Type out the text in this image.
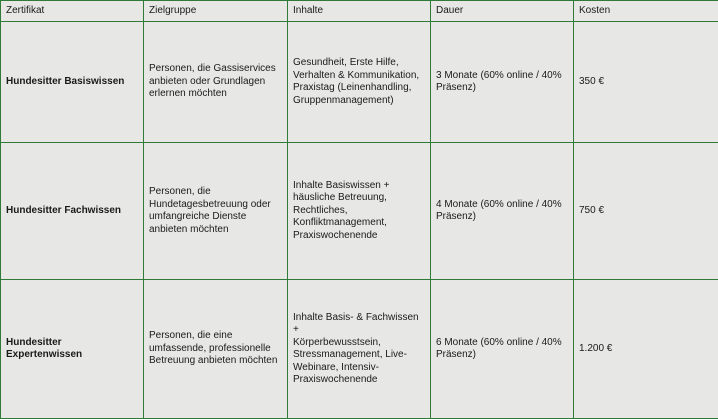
Zertifikat	Zielgruppe	Inhalte	Dauer	Kosten
Hundesitter Basiswissen	Personen, die Gassiservices
anbieten oder Grundlagen
erlernen möchten	Gesundheit, Erste Hilfe,
Verhalten & Kommunikation,
Praxistag (Leinenhandling,
Gruppenmanagement)	3 Monate (60% online / 40%
Präsenz)	350 €
Hundesitter Fachwissen	Personen, die
Hundetagesbetreuung oder
umfangreiche Dienste
anbieten möchten	Inhalte Basiswissen +
häusliche Betreuung,
Rechtliches,
Konfliktmanagement,
Praxiswochenende	4 Monate (60% online / 40%
Präsenz)	750 €
Hundesitter Expertenwissen	Personen, die eine
umfassende, professionelle
Betreuung anbieten möchten	Inhalte Basis- & Fachwissen +
Körperbewusstsein,
Stressmanagement, Live-
Webinare, Intensiv-
Praxiswochenende	6 Monate (60% online / 40%
Präsenz)	1.200 €
